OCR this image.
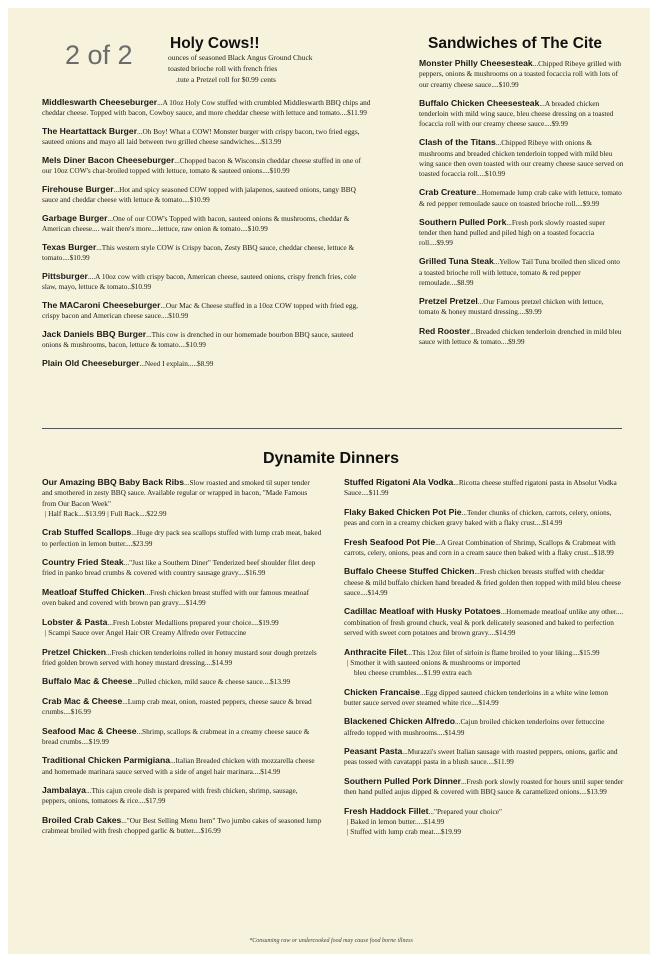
2 of 2 Holy Cows!!
ounces of seasoned Black Angus Ground Chuck
toasted brioche roll with french fries
.tute a Pretzel roll for $0.99 cents
Middleswarth Cheeseburger...A 10oz Holy Cow stuffed with crumbled Middleswarth BBQ chips and cheddar cheese. Topped with bacon, Cowboy sauce, and more cheddar cheese with lettuce and tomato....$11.99
The Heartattack Burger...Oh Boy! What a COW! Monster burger with crispy bacon, two fried eggs, sauteed onions and mayo all laid between two grilled cheese sandwiches....$13.99
Mels Diner Bacon Cheeseburger...Chopped bacon & Wisconsin cheddar cheese stuffed in one of our 10oz COW's char-broiled topped with lettuce, tomato & sauteed onions....$10.99
Firehouse Burger...Hot and spicy seasoned COW topped with jalapenos, sauteed onions, tangy BBQ sauce and cheddar cheese with lettuce & tomato....$10.99
Garbage Burger...One of our COW's Topped with bacon, sauteed onions & mushrooms, cheddar & American cheese.... wait there's more....lettuce, raw onion & tomato....$10.99
Texas Burger...This western style COW is Crispy bacon, Zesty BBQ sauce, cheddar cheese, lettuce & tomato....$10.99
Pittsburger....A 10oz cow with crispy bacon, American cheese, sauteed onions, crispy french fries, cole slaw, mayo, lettuce & tomato..$10.99
The MACaroni Cheeseburger...Our Mac & Cheese stuffed in a 10oz COW topped with fried egg, crispy bacon and American cheese sauce....$10.99
Jack Daniels BBQ Burger...This cow is drenched in our homemade bourbon BBQ sauce, sauteed onions & mushrooms, bacon, lettuce & tomato....$10.99
Plain Old Cheeseburger...Need I explain.....$8.99
Sandwiches of The Cite
Monster Philly Cheesesteak...Chipped Ribeye grilled with peppers, onions & mushrooms on a toasted focaccia roll with lots of our creamy cheese sauce....$10.99
Buffalo Chicken Cheesesteak...A breaded chicken tenderloin with mild wing sauce, bleu cheese dressing on a toasted focaccia roll with our creamy cheese sauce....$9.99
Clash of the Titans...Chipped Ribeye with onions & mushrooms and breaded chicken tenderloin topped with mild bleu wing sauce then oven toasted with our creamy cheese sauce served on toasted focaccia roll....$10.99
Crab Creature...Homemade lump crab cake with lettuce, tomato & red pepper remoulade sauce on toasted brioche roll....$9.99
Southern Pulled Pork...Fresh pork slowly roasted super tender then hand pulled and piled high on a toasted focaccia roll....$9.99
Grilled Tuna Steak...Yellow Tail Tuna broiled then sliced onto a toasted brioche roll with lettuce, tomato & red pepper remoulade....$8.99
Pretzel Pretzel...Our Famous pretzel chicken with lettuce, tomato & honey mustard dressing....$9.99
Red Rooster...Breaded chicken tenderloin drenched in mild bleu sauce with lettuce & tomato....$9.99
Dynamite Dinners
Our Amazing BBQ Baby Back Ribs...Slow roasted and smoked til super tender and smothered in zesty BBQ sauce. Available regular or wrapped in bacon, "Made Famous from Our Bacon Week"
| Half Rack....$13.99 | Full Rack....$22.99
Crab Stuffed Scallops...Huge dry pack sea scallops stuffed with lump crab meat, baked to perfection in lemon butter....$23.99
Country Fried Steak..."Just like a Southern Diner" Tenderized beef shoulder filet deep fried in panko bread crumbs & covered with country sausage gravy....$16.99
Meatloaf Stuffed Chicken...Fresh chicken breast stuffed with our famous meatloaf oven baked and covered with brown pan gravy....$14.99
Lobster & Pasta...Fresh Lobster Medallions prepared your choice....$19.99
| Scampi Sauce over Angel Hair OR Creamy Alfredo over Fettuccine
Pretzel Chicken...Fresh chicken tenderloins rolled in honey mustard sour dough pretzels fried golden brown served with honey mustard dressing....$14.99
Buffalo Mac & Cheese...Pulled chicken, mild sauce & cheese sauce....$13.99
Crab Mac & Cheese...Lump crab meat, onion, roasted peppers, cheese sauce & bread crumbs....$16.99
Seafood Mac & Cheese...Shrimp, scallops & crabmeat in a creamy cheese sauce & bread crumbs....$19.99
Traditional Chicken Parmigiana...Italian Breaded chicken with mozzarella cheese and homemade marinara sauce served with a side of angel hair marinara....$14.99
Jambalaya...This cajun creole dish is prepared with fresh chicken, shrimp, sausage, peppers, onions, tomatoes & rice....$17.99
Broiled Crab Cakes..."Our Best Selling Menu Item" Two jumbo cakes of seasoned lump crabmeat broiled with fresh chopped garlic & butter....$16.99
Stuffed Rigatoni Ala Vodka...Ricotta cheese stuffed rigatoni pasta in Absolut Vodka Sauce....$11.99
Flaky Baked Chicken Pot Pie...Tender chunks of chicken, carrots, celery, onions, peas and corn in a creamy chicken gravy baked with a flaky crust....$14.99
Fresh Seafood Pot Pie...A Great Combination of Shrimp, Scallops & Crabmeat with carrots, celery, onions, peas and corn in a cream sauce then baked with a flaky crust...$18.99
Buffalo Cheese Stuffed Chicken...Fresh chicken breasts stuffed with cheddar cheese & mild buffalo chicken hand breaded & fried golden then topped with mild bleu cheese sauce....$14.99
Cadillac Meatloaf with Husky Potatoes...Homemade meatloaf unlike any other.... combination of fresh ground chuck, veal & pork delicately seasoned and baked to perfection served with sweet corn potatoes and brown gravy....$14.99
Anthracite Filet...This 12oz filet of sirloin is flame broiled to your liking....$15.99
| Smother it with sauteed onions & mushrooms or imported
bleu cheese crumbles....$1.99 extra each
Chicken Francaise...Egg dipped sauteed chicken tenderloins in a white wine lemon butter sauce served over steamed white rice....$14.99
Blackened Chicken Alfredo...Cajun broiled chicken tenderloins over fettuccine alfredo topped with mushrooms....$14.99
Peasant Pasta...Murazzi's sweet Italian sausage with roasted peppers, onions, garlic and peas tossed with cavatappi pasta in a blush sauce....$11.99
Southern Pulled Pork Dinner...Fresh pork slowly roasted for hours until super tender then hand pulled aujus dipped & covered with BBQ sauce & caramelized onions....$13.99
Fresh Haddock Fillet..."Prepared your choice"
| Baked in lemon butter.....$14.99
| Stuffed with lump crab meat....$19.99
*Consuming raw or undercooked food may cause food borne illness
